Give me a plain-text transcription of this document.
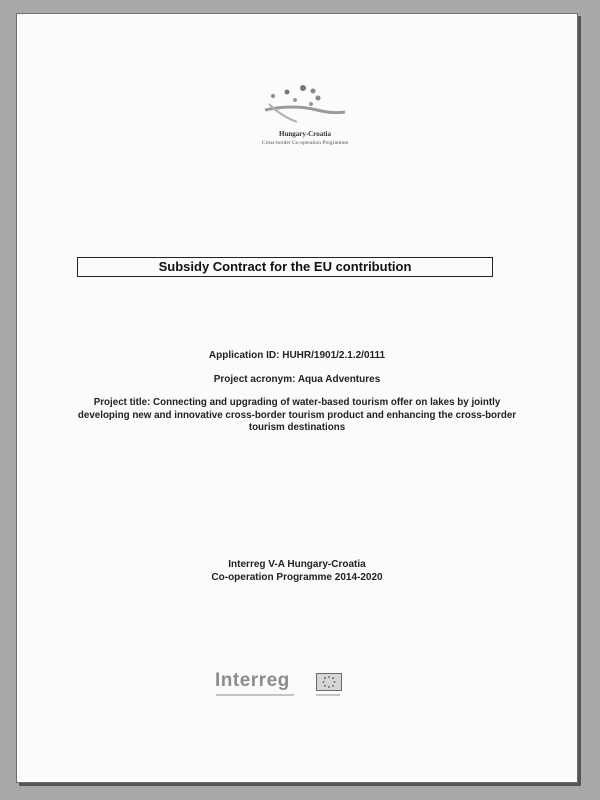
Hungary-Croatia
Cross-border Co-operation Programme
Subsidy Contract for the EU contribution
Application ID: HUHR/1901/2.1.2/0111
Project acronym: Aqua Adventures
Project title: Connecting and upgrading of water-based tourism offer on lakes by jointly developing new and innovative cross-border tourism product and enhancing the cross-border tourism destinations
Interreg V-A Hungary-Croatia
Co-operation Programme 2014-2020
Interreg
